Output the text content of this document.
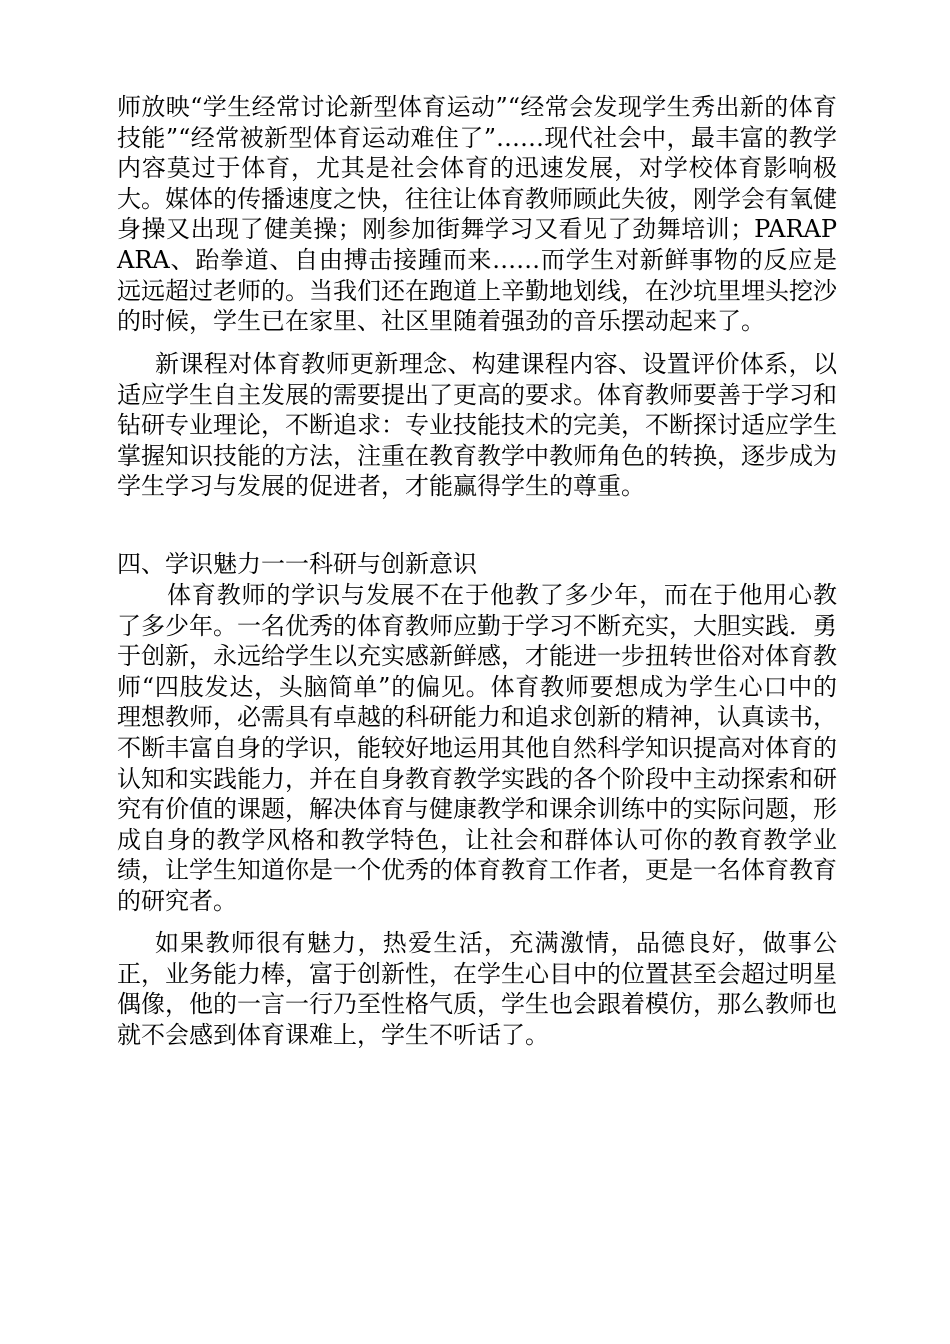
师放映“学生经常讨论新型体育运动”“经常会发现学生秀出新的体育技能”“经常被新型体育运动难住了”……现代社会中，最丰富的教学内容莫过于体育，尤其是社会体育的迅速发展，对学校体育影响极大。媒体的传播速度之快，往往让体育教师顾此失彼，刚学会有氧健身操又出现了健美操；刚参加街舞学习又看见了劲舞培训；PARAPARA、跆拳道、自由搏击接踵而来……而学生对新鲜事物的反应是远远超过老师的。当我们还在跑道上辛勤地划线，在沙坑里埋头挖沙的时候，学生已在家里、社区里随着强劲的音乐摆动起来了。
新课程对体育教师更新理念、构建课程内容、设置评价体系，以适应学生自主发展的需要提出了更高的要求。体育教师要善于学习和钻研专业理论，不断追求：专业技能技术的完美，不断探讨适应学生掌握知识技能的方法，注重在教育教学中教师角色的转换，逐步成为学生学习与发展的促进者，才能赢得学生的尊重。
四、学识魅力一一科研与创新意识
体育教师的学识与发展不在于他教了多少年，而在于他用心教了多少年。一名优秀的体育教师应勤于学习不断充实，大胆实践．勇于创新，永远给学生以充实感新鲜感，才能进一步扭转世俗对体育教师“四肢发达，头脑简单”的偏见。体育教师要想成为学生心口中的理想教师，必需具有卓越的科研能力和追求创新的精神，认真读书，不断丰富自身的学识，能较好地运用其他自然科学知识提高对体育的认知和实践能力，并在自身教育教学实践的各个阶段中主动探索和研究有价值的课题，解决体育与健康教学和课余训练中的实际问题，形成自身的教学风格和教学特色，让社会和群体认可你的教育教学业绩，让学生知道你是一个优秀的体育教育工作者，更是一名体育教育的研究者。
如果教师很有魅力，热爱生活，充满激情，品德良好，做事公正，业务能力棒，富于创新性，在学生心目中的位置甚至会超过明星偶像，他的一言一行乃至性格气质，学生也会跟着模仿，那么教师也就不会感到体育课难上，学生不听话了。
